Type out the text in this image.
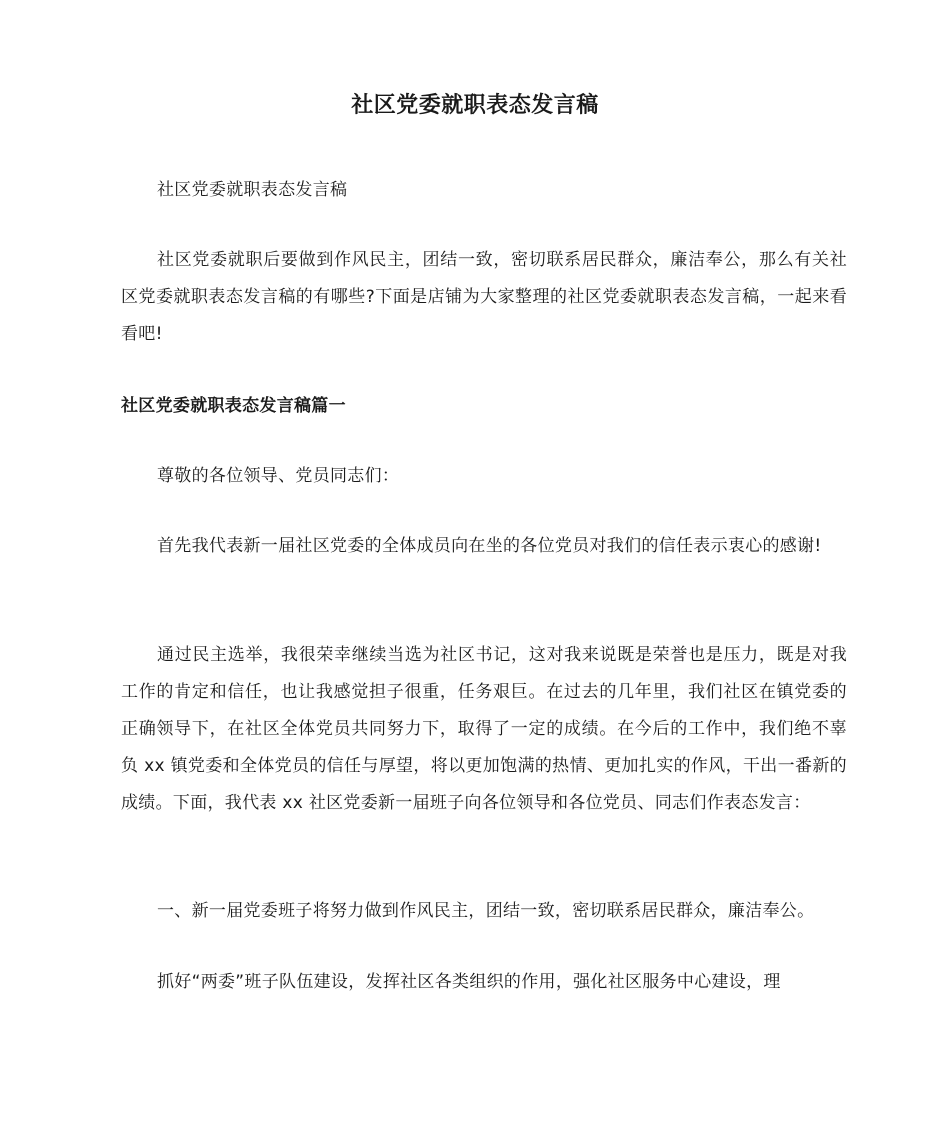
社区党委就职表态发言稿
社区党委就职表态发言稿
社区党委就职后要做到作风民主，团结一致，密切联系居民群众，廉洁奉公，那么有关社区党委就职表态发言稿的有哪些?下面是店铺为大家整理的社区党委就职表态发言稿，一起来看看吧!
社区党委就职表态发言稿篇一
尊敬的各位领导、党员同志们：
首先我代表新一届社区党委的全体成员向在坐的各位党员对我们的信任表示衷心的感谢!
通过民主选举，我很荣幸继续当选为社区书记，这对我来说既是荣誉也是压力，既是对我工作的肯定和信任，也让我感觉担子很重，任务艰巨。在过去的几年里，我们社区在镇党委的正确领导下，在社区全体党员共同努力下，取得了一定的成绩。在今后的工作中，我们绝不辜负 xx 镇党委和全体党员的信任与厚望，将以更加饱满的热情、更加扎实的作风，干出一番新的成绩。下面，我代表 xx 社区党委新一届班子向各位领导和各位党员、同志们作表态发言：
一、新一届党委班子将努力做到作风民主，团结一致，密切联系居民群众，廉洁奉公。
抓好“两委”班子队伍建设，发挥社区各类组织的作用，强化社区服务中心建设，理
